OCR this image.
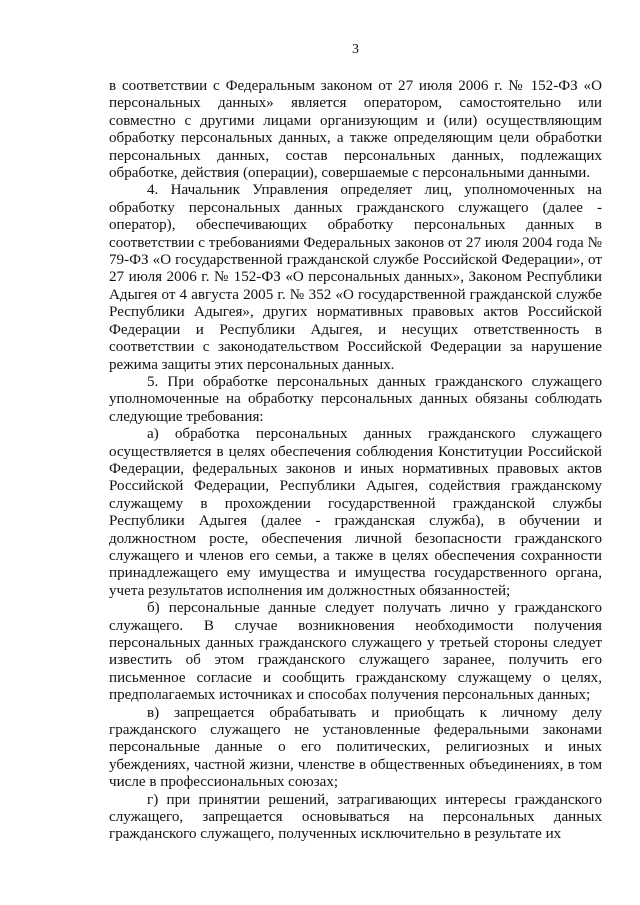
3

в соответствии с Федеральным законом от 27 июля 2006 г. № 152-ФЗ «О персональных данных» является оператором, самостоятельно или совместно с другими лицами организующим и (или) осуществляющим обработку персональных данных, а также определяющим цели обработки персональных данных, состав персональных данных, подлежащих обработке, действия (операции), совершаемые с персональными данными.

4. Начальник Управления определяет лиц, уполномоченных на обработку персональных данных гражданского служащего (далее - оператор), обеспечивающих обработку персональных данных в соответствии с требованиями Федеральных законов от 27 июля 2004 года № 79-ФЗ «О государственной гражданской службе Российской Федерации», от 27 июля 2006 г. № 152-ФЗ «О персональных данных», Законом Республики Адыгея от 4 августа 2005 г. № 352 «О государственной гражданской службе Республики Адыгея», других нормативных правовых актов Российской Федерации и Республики Адыгея, и несущих ответственность в соответствии с законодательством Российской Федерации за нарушение режима защиты этих персональных данных.

5. При обработке персональных данных гражданского служащего уполномоченные на обработку персональных данных обязаны соблюдать следующие требования:

а) обработка персональных данных гражданского служащего осуществляется в целях обеспечения соблюдения Конституции Российской Федерации, федеральных законов и иных нормативных правовых актов Российской Федерации, Республики Адыгея, содействия гражданскому служащему в прохождении государственной гражданской службы Республики Адыгея (далее - гражданская служба), в обучении и должностном росте, обеспечения личной безопасности гражданского служащего и членов его семьи, а также в целях обеспечения сохранности принадлежащего ему имущества и имущества государственного органа, учета результатов исполнения им должностных обязанностей;

б) персональные данные следует получать лично у гражданского служащего. В случае возникновения необходимости получения персональных данных гражданского служащего у третьей стороны следует известить об этом гражданского служащего заранее, получить его письменное согласие и сообщить гражданскому служащему о целях, предполагаемых источниках и способах получения персональных данных;

в) запрещается обрабатывать и приобщать к личному делу гражданского служащего не установленные федеральными законами персональные данные о его политических, религиозных и иных убеждениях, частной жизни, членстве в общественных объединениях, в том числе в профессиональных союзах;

г) при принятии решений, затрагивающих интересы гражданского служащего, запрещается основываться на персональных данных гражданского служащего, полученных исключительно в результате их
